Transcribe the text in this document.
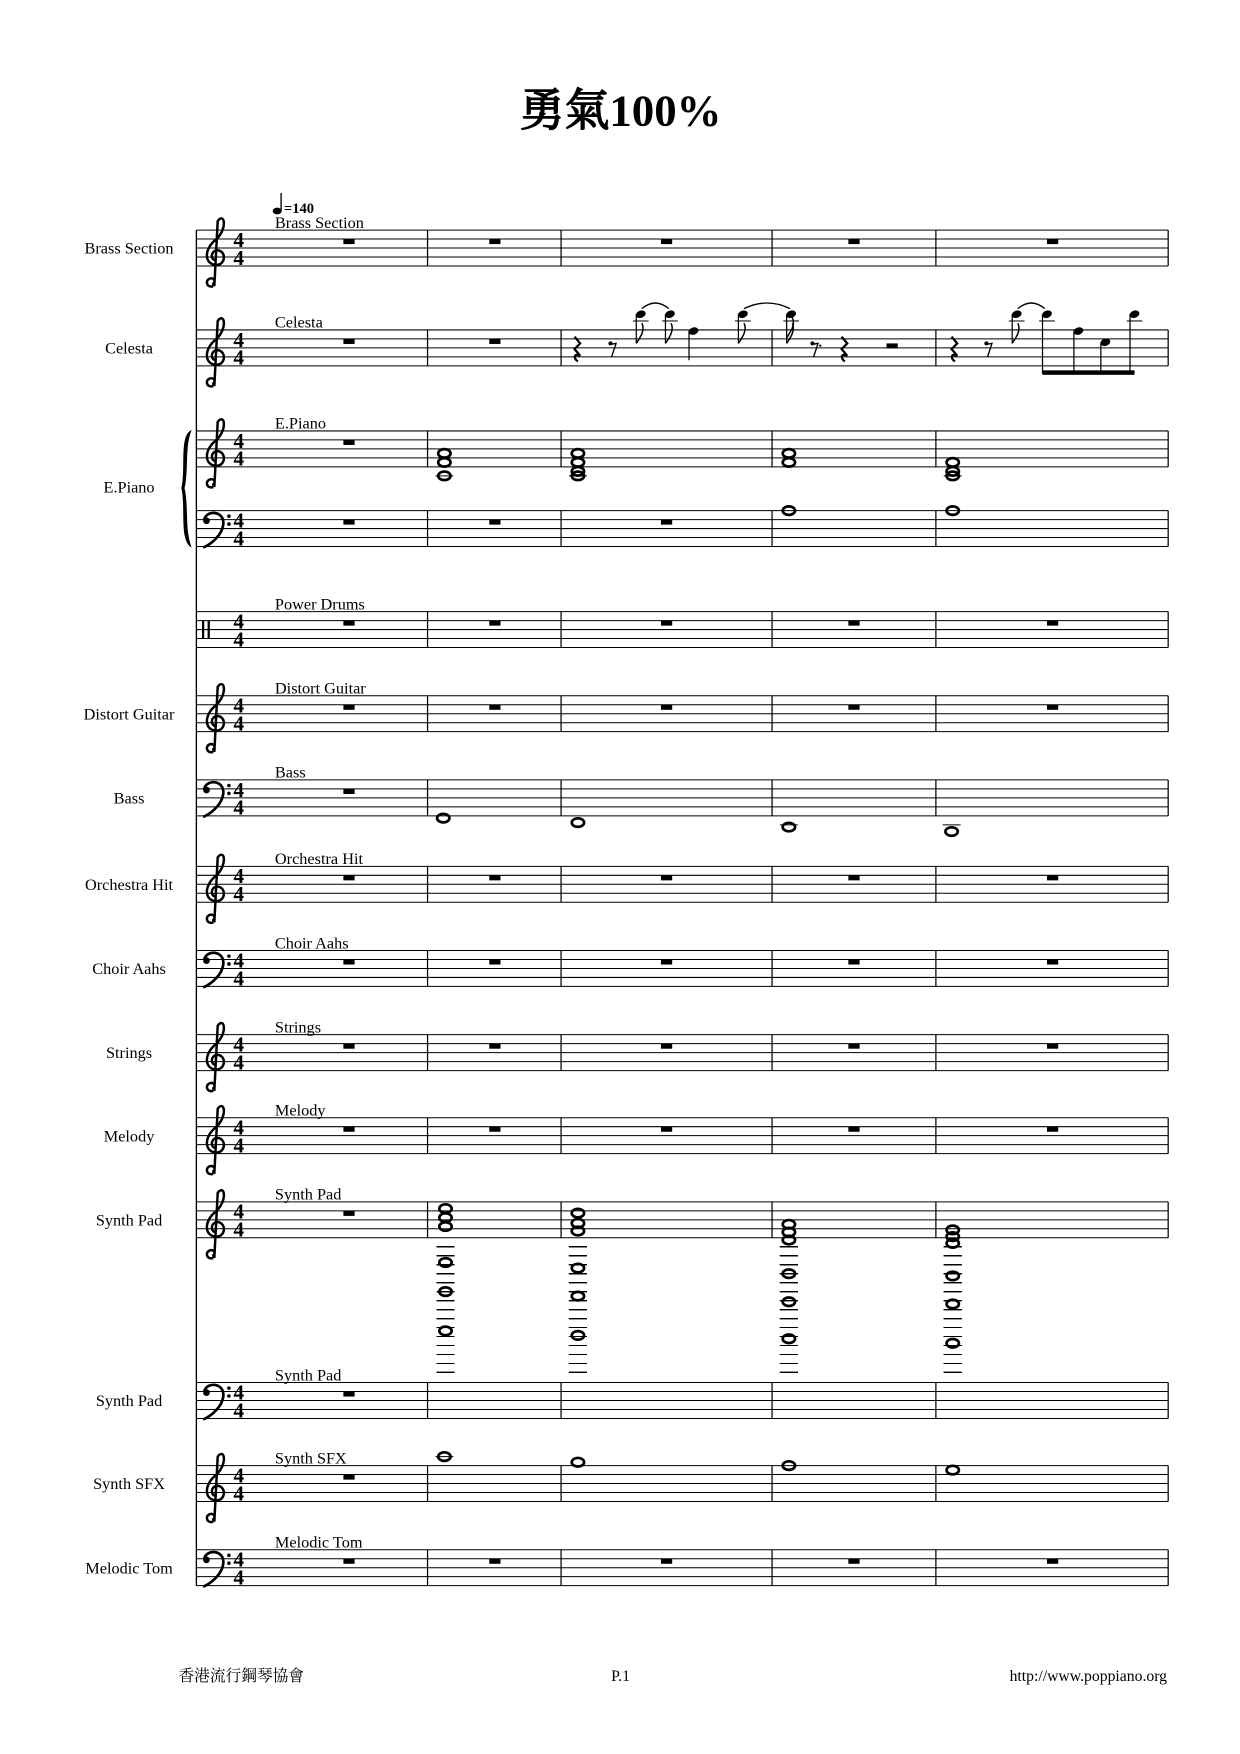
勇氣100%
=140
4
4
Brass Section
Brass Section
4
4
Celesta
Celesta
4
4
E.Piano
E.Piano
4
4
4
4
Power Drums
4
4
Distort Guitar
Distort Guitar
4
4
Bass
Bass
4
4
Orchestra Hit
Orchestra Hit
4
4
Choir Aahs
Choir Aahs
4
4
Strings
Strings
4
4
Melody
Melody
4
4
Synth Pad
Synth Pad
4
4
Synth Pad
Synth Pad
4
4
Synth SFX
Synth SFX
4
4
Melodic Tom
Melodic Tom
香港流行鋼琴協會	P.1	http://www.poppiano.org
